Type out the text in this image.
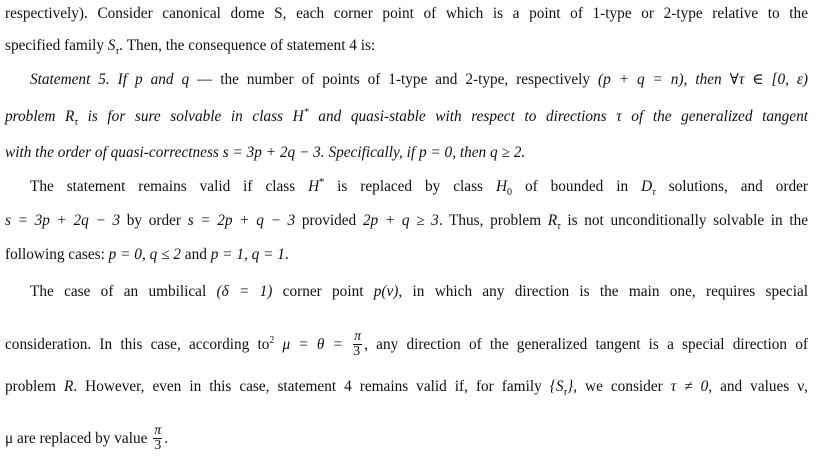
respectively). Consider canonical dome S, each corner point of which is a point of 1-type or 2-type relative to the

specified family $S_\tau$. Then, the consequence of statement 4 is:

Statement 5. If p and q — the number of points of 1-type and 2-type, respectively (p + q = n), then ∀τ ∈ [0, ε)

problem $R_\tau$ is for sure solvable in class H* and quasi-stable with respect to directions τ of the generalized tangent

with the order of quasi-correctness s = 3p + 2q − 3. Specifically, if p = 0, then q ≥ 2.

The statement remains valid if class H* is replaced by class $H_0$ of bounded in $D_\tau$ solutions, and order

s = 3p + 2q − 3 by order s = 2p + q − 3 provided 2p + q ≥ 3. Thus, problem $R_\tau$ is not unconditionally solvable in the

following cases: p = 0, q ≤ 2 and p = 1, q = 1.

The case of an umbilical (δ = 1) corner point p(ν), in which any direction is the main one, requires special

consideration. In this case, according $to^2$ $\mu = \theta = \frac{\pi}{3}$ , any direction of the generalized tangent is a special direction of

problem R. However, even in this case, statement 4 remains valid if, for family $\{S_\tau\}$, we consider τ ≠ 0, and values ν,

μ are replaced by value $\frac{\pi}{3}$ .
